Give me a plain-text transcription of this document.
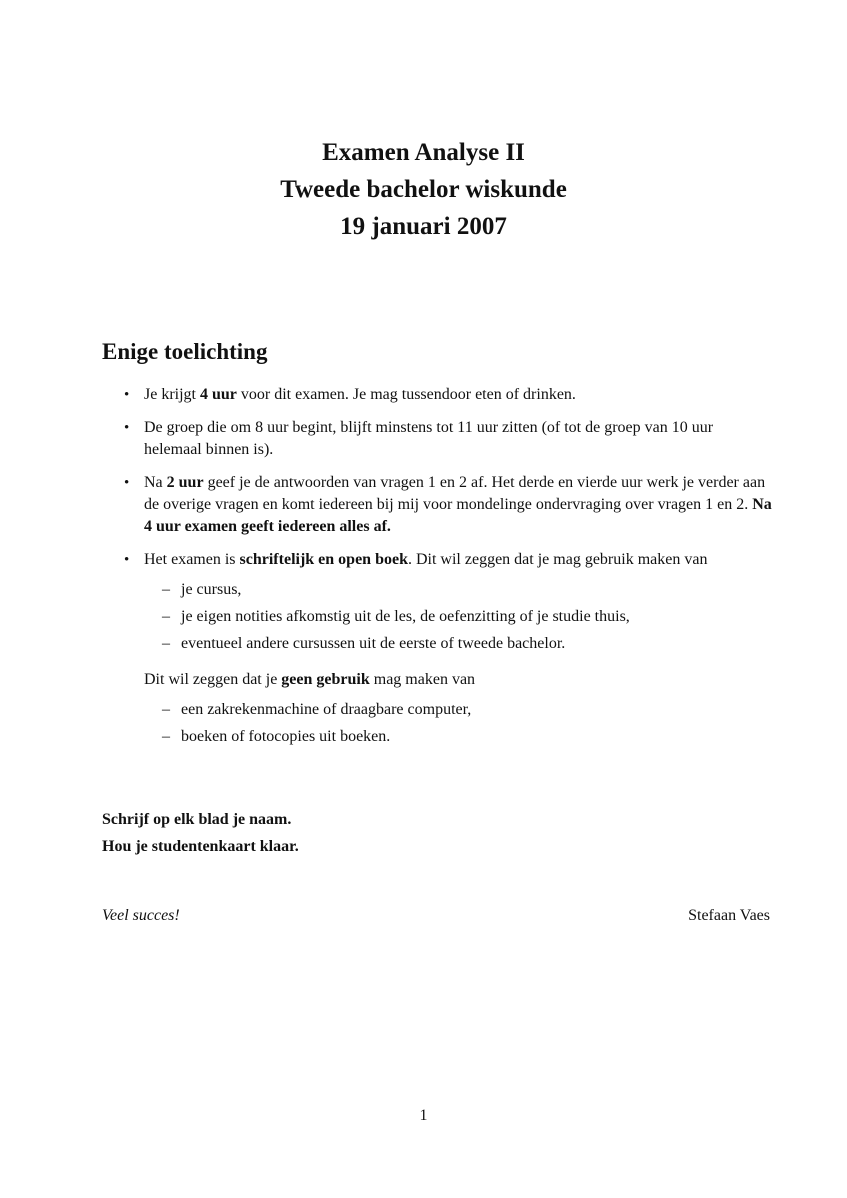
Examen Analyse II

Tweede bachelor wiskunde

19 januari 2007

Enige toelichting
• Je krijgt 4 uur voor dit examen. Je mag tussendoor eten of drinken.
• De groep die om 8 uur begint, blijft minstens tot 11 uur zitten (of tot de groep van 10 uur helemaal binnen is).
• Na 2 uur geef je de antwoorden van vragen 1 en 2 af. Het derde en vierde uur werk je verder aan de overige vragen en komt iedereen bij mij voor mondelinge ondervraging over vragen 1 en 2. Na 4 uur examen geeft iedereen alles af.
• Het examen is schriftelijk en open boek. Dit wil zeggen dat je mag gebruik maken van
– je cursus,
– je eigen notities afkomstig uit de les, de oefenzitting of je studie thuis,
– eventueel andere cursussen uit de eerste of tweede bachelor.

Dit wil zeggen dat je geen gebruik mag maken van

– een zakrekenmachine of draagbare computer,
– boeken of fotocopies uit boeken.

Schrijf op elk blad je naam.

Hou je studentenkaart klaar.

Veel succes!	Stefaan Vaes
1
